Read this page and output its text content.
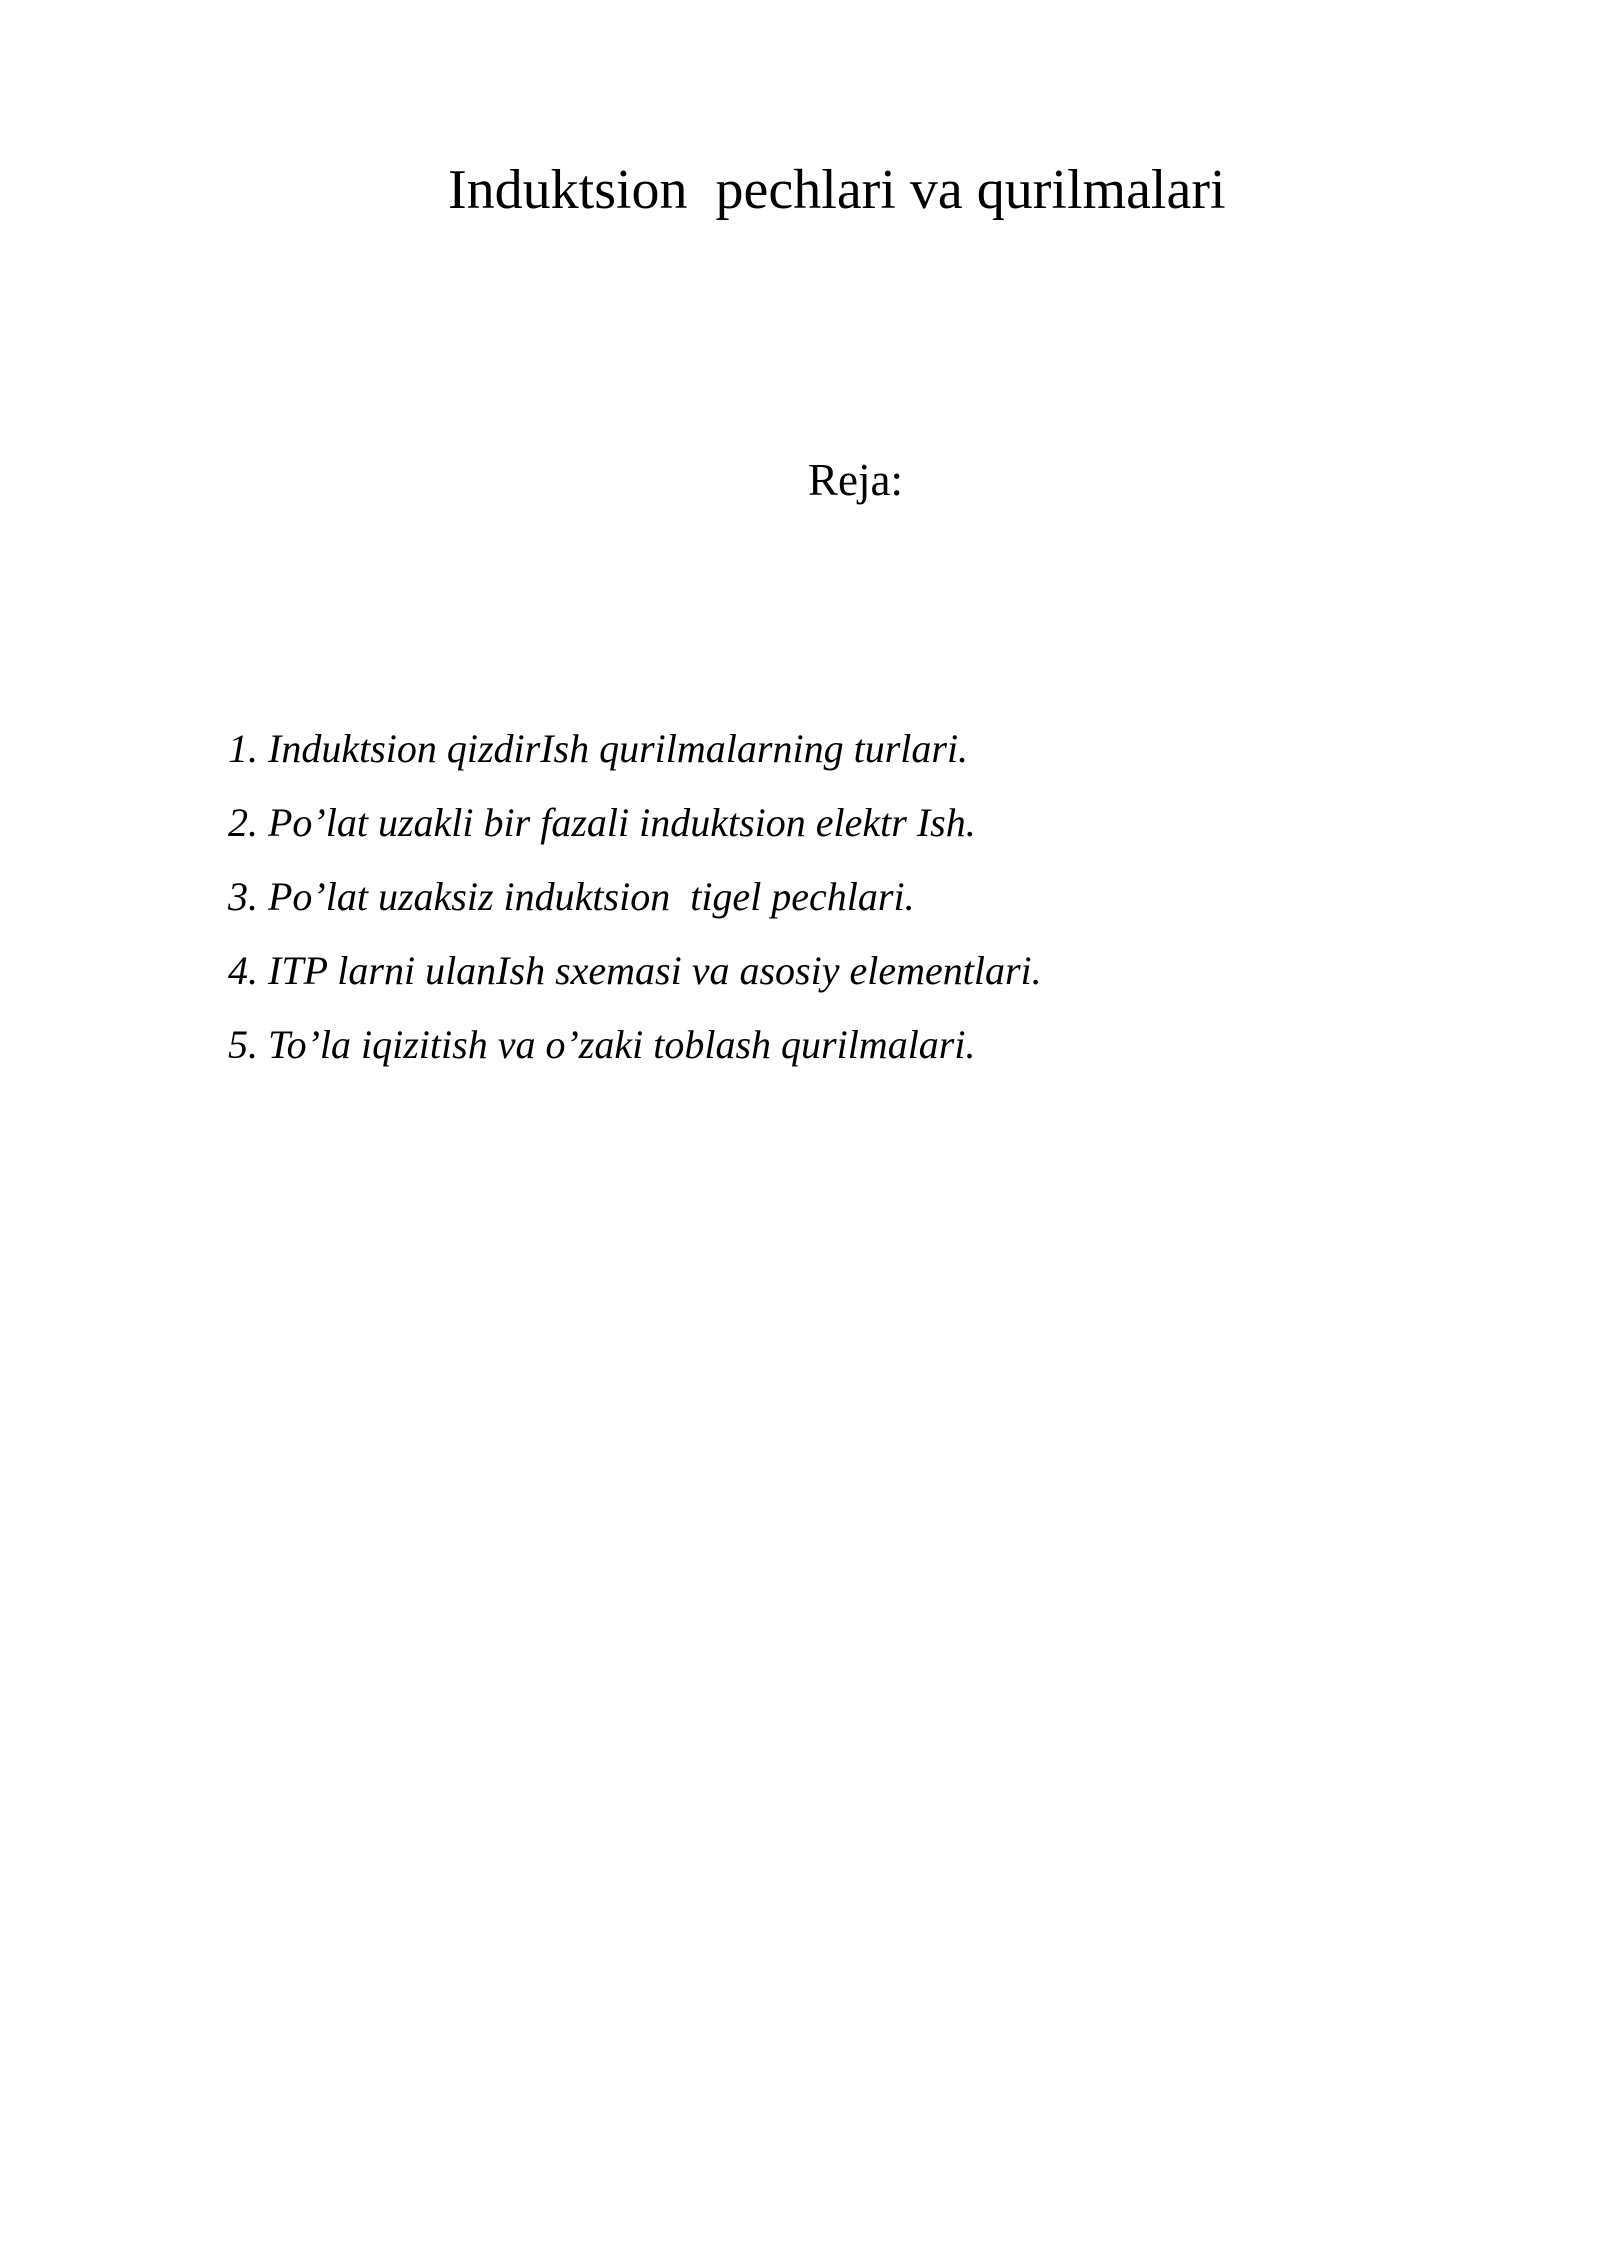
Induktsion  pechlari va qurilmalari
Reja:
1. Induktsion qizdirIsh qurilmalarning turlari.
2. Po’lat uzakli bir fazali induktsion elektr Ish.
3. Po’lat uzaksiz induktsion  tigel pechlari.
4. ITP larni ulanIsh sxemasi va asosiy elementlari.
5. To’la iqizitish va o’zaki toblash qurilmalari.
